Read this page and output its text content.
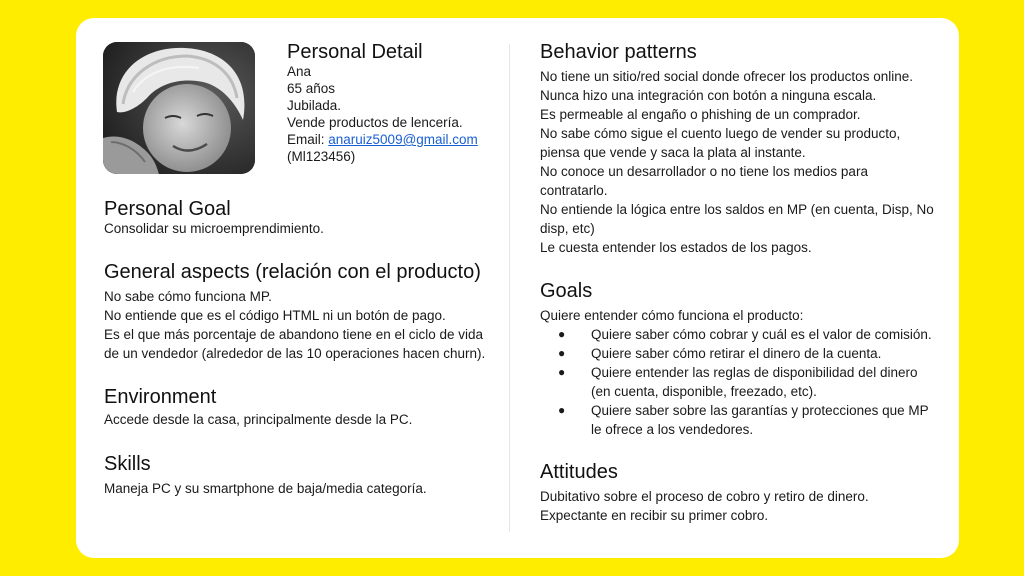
Personal Detail
Ana
65 años
Jubilada.
Vende productos de lencería.
Email: anaruiz5009@gmail.com
(Ml123456)
Personal Goal

Consolidar su microemprendimiento.

General aspects (relación con el producto)
No sabe cómo funciona MP.
No entiende que es el código HTML ni un botón de pago.
Es el que más porcentaje de abandono tiene en el ciclo de vida de un vendedor (alrededor de las 10 operaciones hacen churn).
Environment

Accede desde la casa, principalmente desde la PC.

Skills

Maneja PC y su smartphone de baja/media categoría.

Behavior patterns
No tiene un sitio/red social donde ofrecer los productos online.
Nunca hizo una integración con botón a ninguna escala.
Es permeable al engaño o phishing de un comprador.
No sabe cómo sigue el cuento luego de vender su producto, piensa que vende y saca la plata al instante.
No conoce un desarrollador o no tiene los medios para contratarlo.
No entiende la lógica entre los saldos en MP (en cuenta, Disp, No disp, etc)
Le cuesta entender los estados de los pagos.
Goals

Quiere entender cómo funciona el producto:

● Quiere saber cómo cobrar y cuál es el valor de comisión.
● Quiere saber cómo retirar el dinero de la cuenta.
● Quiere entender las reglas de disponibilidad del dinero (en cuenta, disponible, freezado, etc).
● Quiere saber sobre las garantías y protecciones que MP le ofrece a los vendedores.
Attitudes
Dubitativo sobre el proceso de cobro y retiro de dinero.
Expectante en recibir su primer cobro.
